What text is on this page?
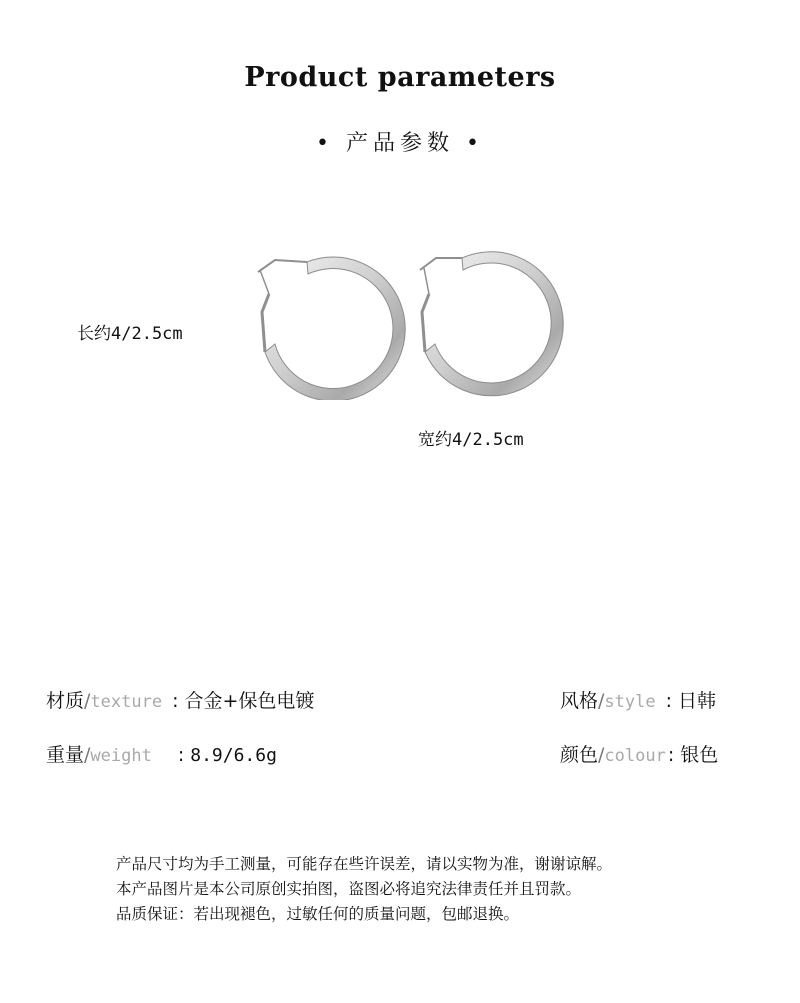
Product parameters
• 产品参数 •
长约4/2.5cm
宽约4/2.5cm
材质/texture : 合金+保色电镀
重量/weight : 8.9/6.6g
风格/style : 日韩
颜色/colour : 银色
产品尺寸均为手工测量，可能存在些许误差，请以实物为准，谢谢谅解。
本产品图片是本公司原创实拍图，盗图必将追究法律责任并且罚款。
品质保证：若出现褪色，过敏任何的质量问题，包邮退换。
